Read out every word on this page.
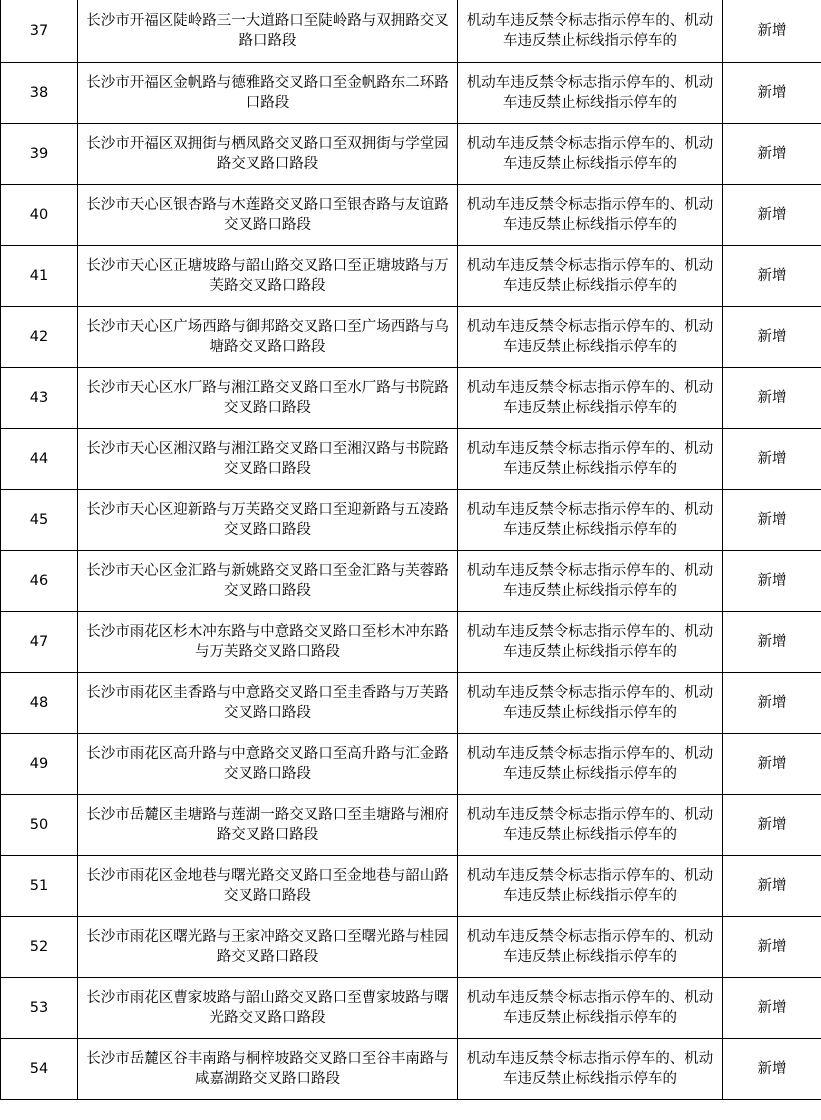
37	长沙市开福区陡岭路三一大道路口至陡岭路与双拥路交叉路口路段	机动车违反禁令标志指示停车的、机动车违反禁止标线指示停车的	新增

38	长沙市开福区金帆路与德雅路交叉路口至金帆路东二环路口路段	机动车违反禁令标志指示停车的、机动车违反禁止标线指示停车的	新增

39	长沙市开福区双拥街与栖凤路交叉路口至双拥街与学堂园路交叉路口路段	机动车违反禁令标志指示停车的、机动车违反禁止标线指示停车的	新增

40	长沙市天心区银杏路与木莲路交叉路口至银杏路与友谊路交叉路口路段	机动车违反禁令标志指示停车的、机动车违反禁止标线指示停车的	新增

41	长沙市天心区正塘坡路与韶山路交叉路口至正塘坡路与万芙路交叉路口路段	机动车违反禁令标志指示停车的、机动车违反禁止标线指示停车的	新增

42	长沙市天心区广场西路与御邦路交叉路口至广场西路与乌塘路交叉路口路段	机动车违反禁令标志指示停车的、机动车违反禁止标线指示停车的	新增

43	长沙市天心区水厂路与湘江路交叉路口至水厂路与书院路交叉路口路段	机动车违反禁令标志指示停车的、机动车违反禁止标线指示停车的	新增

44	长沙市天心区湘汉路与湘江路交叉路口至湘汉路与书院路交叉路口路段	机动车违反禁令标志指示停车的、机动车违反禁止标线指示停车的	新增

45	长沙市天心区迎新路与万芙路交叉路口至迎新路与五凌路交叉路口路段	机动车违反禁令标志指示停车的、机动车违反禁止标线指示停车的	新增

46	长沙市天心区金汇路与新姚路交叉路口至金汇路与芙蓉路交叉路口路段	机动车违反禁令标志指示停车的、机动车违反禁止标线指示停车的	新增

47	长沙市雨花区杉木冲东路与中意路交叉路口至杉木冲东路与万芙路交叉路口路段	机动车违反禁令标志指示停车的、机动车违反禁止标线指示停车的	新增

48	长沙市雨花区圭香路与中意路交叉路口至圭香路与万芙路交叉路口路段	机动车违反禁令标志指示停车的、机动车违反禁止标线指示停车的	新增

49	长沙市雨花区高升路与中意路交叉路口至高升路与汇金路交叉路口路段	机动车违反禁令标志指示停车的、机动车违反禁止标线指示停车的	新增

50	长沙市岳麓区圭塘路与莲湖一路交叉路口至圭塘路与湘府路交叉路口路段	机动车违反禁令标志指示停车的、机动车违反禁止标线指示停车的	新增

51	长沙市雨花区金地巷与曙光路交叉路口至金地巷与韶山路交叉路口路段	机动车违反禁令标志指示停车的、机动车违反禁止标线指示停车的	新增

52	长沙市雨花区曙光路与王家冲路交叉路口至曙光路与桂园路交叉路口路段	机动车违反禁令标志指示停车的、机动车违反禁止标线指示停车的	新增

53	长沙市雨花区曹家坡路与韶山路交叉路口至曹家坡路与曙光路交叉路口路段	机动车违反禁令标志指示停车的、机动车违反禁止标线指示停车的	新增

54	长沙市岳麓区谷丰南路与桐梓坡路交叉路口至谷丰南路与咸嘉湖路交叉路口路段	机动车违反禁令标志指示停车的、机动车违反禁止标线指示停车的	新增
